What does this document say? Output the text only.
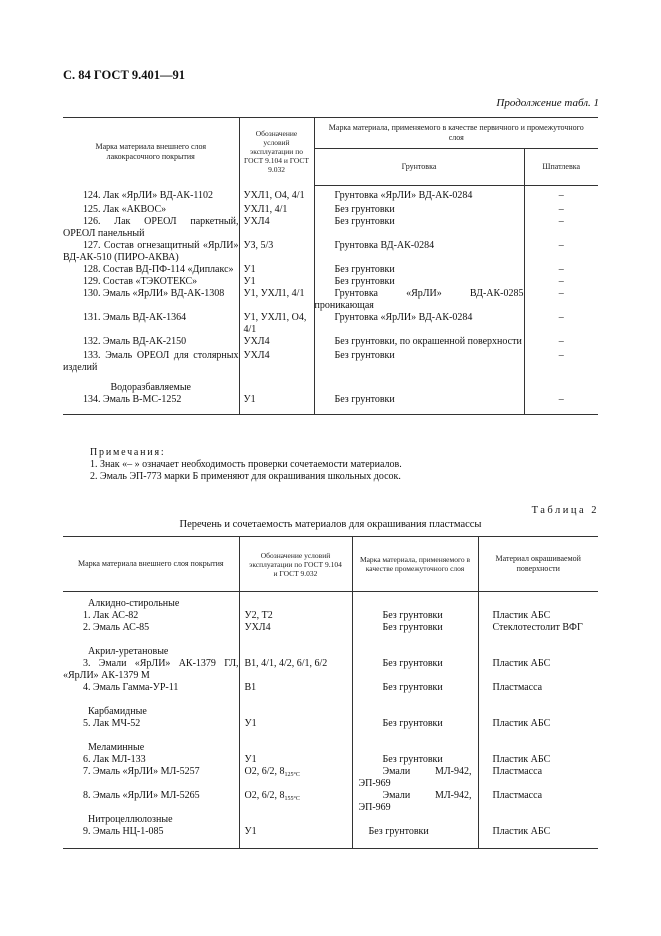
С. 84 ГОСТ 9.401—91
Продолжение табл. 1
Марка материала внешнего слоя лакокрасочного покрытия	Обозначение условий эксплуатации по ГОСТ 9.104 и ГОСТ 9.032	Марка материала, применяемого в качестве первичного и промежуточного слоя	
		Грунтовка	Шпатлевка

124. Лак «ЯрЛИ» ВД-АК-1102	УХЛ1, О4, 4/1	Грунтовка «ЯрЛИ» ВД-АК-0284	–
125. Лак «АКВОС»	УХЛ1, 4/1	Без грунтовки	–
126. Лак ОРЕОЛ паркетный, ОРЕОЛ панельный	УХЛ4	Без грунтовки	–
127. Состав огнезащитный «ЯрЛИ» ВД-АК-510 (ПИРО-АКВА)	УЗ, 5/3	Грунтовка ВД-АК-0284	–
128. Состав ВД-ПФ-114 «Диплакс»	У1	Без грунтовки	–
129. Состав «ТЭКОТЕКС»	У1	Без грунтовки	–
130. Эмаль «ЯрЛИ» ВД-АК-1308	У1, УХЛ1, 4/1	Грунтовка «ЯрЛИ» ВД-АК-0285 проникающая	–
131. Эмаль ВД-АК-1364	У1, УХЛ1, О4, 4/1	Грунтовка «ЯрЛИ» ВД-АК-0284	–
132. Эмаль ВД-АК-2150	УХЛ4	Без грунтовки, по окрашенной поверхности	–
133. Эмаль ОРЕОЛ для столярных изделий	УХЛ4	Без грунтовки	–
Водоразбавляемые			
134. Эмаль В-МС-1252	У1	Без грунтовки	–
Примечания:
1. Знак «– » означает необходимость проверки сочетаемости материалов.
2. Эмаль ЭП-773 марки Б применяют для окрашивания школьных досок.
Таблица 2
Перечень и сочетаемость материалов для окрашивания пластмассы
Марка материала внешнего слоя покрытия	Обозначение условий эксплуатации по ГОСТ 9.104 и ГОСТ 9.032	Марка материала, применяемого в качестве промежуточного слоя	Материал окрашиваемой поверхности

Алкидно-стирольные			
1. Лак АС-82	У2, Т2	Без грунтовки	Пластик АБС
2. Эмаль АС-85	УХЛ4	Без грунтовки	Стеклотестолит ВФГ
Акрил-уретановые			
3. Эмали «ЯрЛИ» АК-1379 ГЛ, «ЯрЛИ» АК-1379 М	В1, 4/1, 4/2, 6/1, 6/2	Без грунтовки	Пластик АБС
4. Эмаль Гамма-УР-11	В1	Без грунтовки	Пластмасса
Карбамидные			
5. Лак МЧ-52	У1	Без грунтовки	Пластик АБС
Меламинные			
6. Лак МЛ-133	У1	Без грунтовки	Пластик АБС
7. Эмаль «ЯрЛИ» МЛ-5257	О2, 6/2, $8_{125^\circ С}$	Эмали МЛ-942, ЭП-969	Пластмасса
8. Эмаль «ЯрЛИ» МЛ-5265	О2, 6/2, $8_{155^\circ С}$	Эмали МЛ-942, ЭП-969	Пластмасса
Нитроцеллюлозные			
9. Эмаль НЦ-1-085	У1	Без грунтовки	Пластик АБС
